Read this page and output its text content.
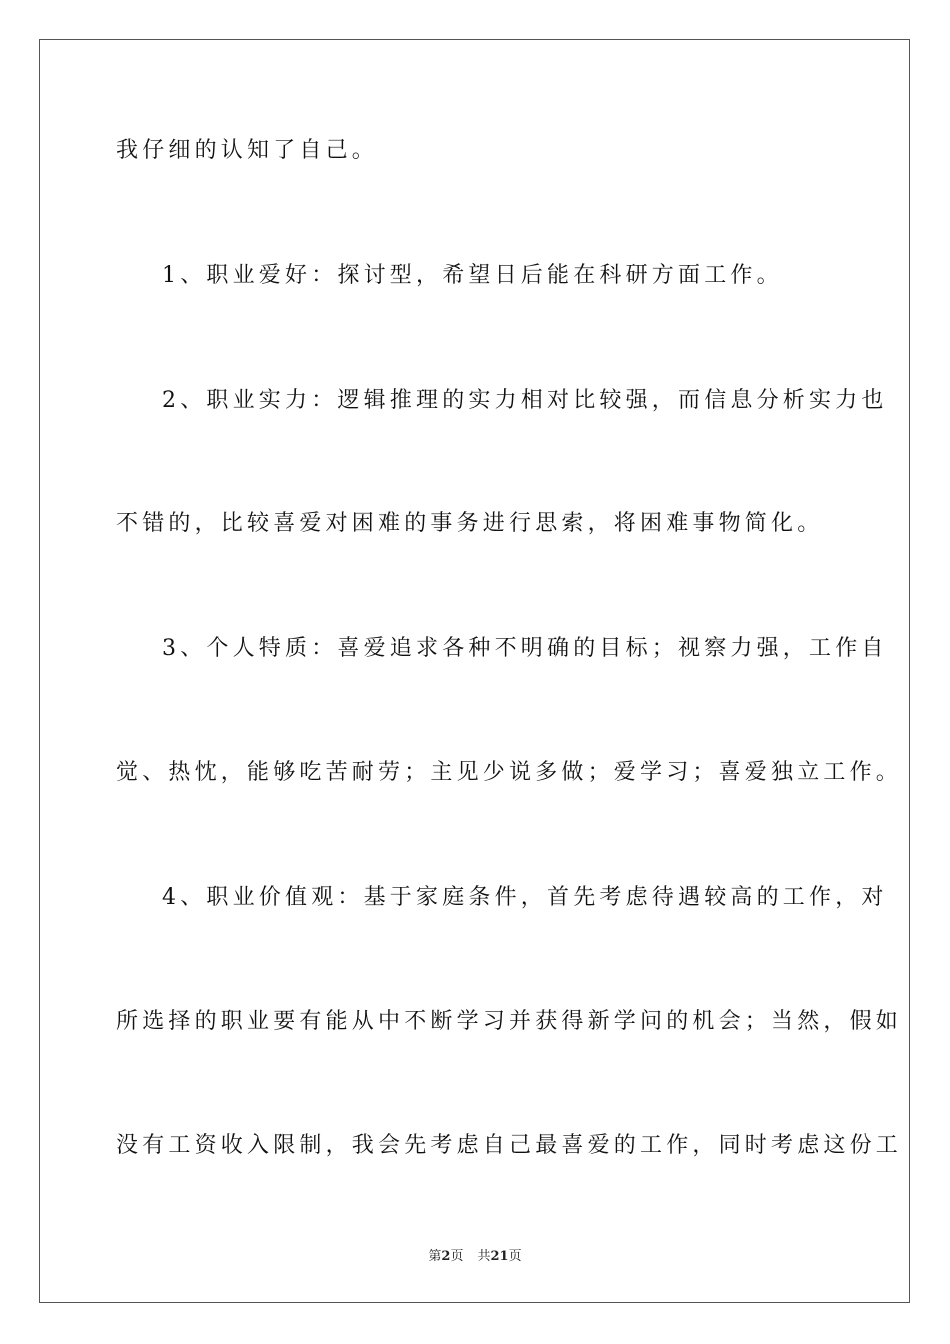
我仔细的认知了自己。
1、职业爱好：探讨型，希望日后能在科研方面工作。
2、职业实力：逻辑推理的实力相对比较强，而信息分析实力也
不错的，比较喜爱对困难的事务进行思索，将困难事物简化。
3、个人特质：喜爱追求各种不明确的目标；视察力强，工作自
觉、热忱，能够吃苦耐劳；主见少说多做；爱学习；喜爱独立工作。
4、职业价值观：基于家庭条件，首先考虑待遇较高的工作，对
所选择的职业要有能从中不断学习并获得新学问的机会；当然，假如
没有工资收入限制，我会先考虑自己最喜爱的工作，同时考虑这份工
第2页 共21页
